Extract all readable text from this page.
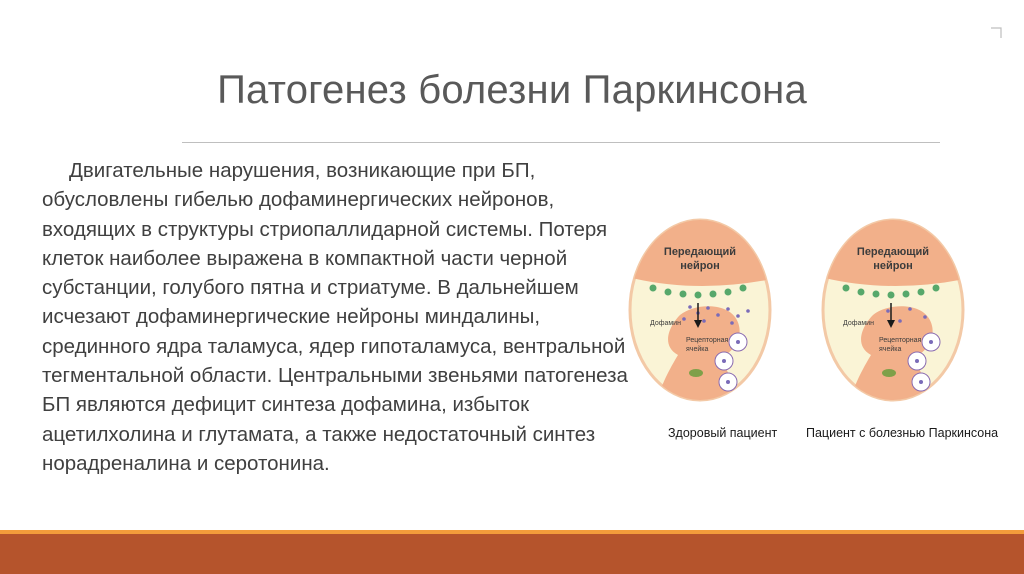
Патогенез болезни Паркинсона

Двигательные нарушения, возникающие при БП, обусловлены гибелью дофаминергических нейронов, входящих в структуры стриопаллидарной системы. Потеря клеток наиболее выражена в компактной части черной субстанции, голубого пятна и стриатуме. В дальнейшем исчезают дофаминергические нейроны миндалины, срединного ядра таламуса, ядер гипоталамуса, вентральной тегментальной области. Центральными звеньями патогенеза БП являются дефицит синтеза дофамина, избыток ацетилхолина и глутамата, а также недостаточный синтез норадреналина и серотонина.

Передающий
нейрон
Дофамин
Рецепторная
ячейка
Передающий
нейрон
Дофамин
Рецепторная
ячейка
Здоровый пациент Пациент с болезнью Паркинсона
